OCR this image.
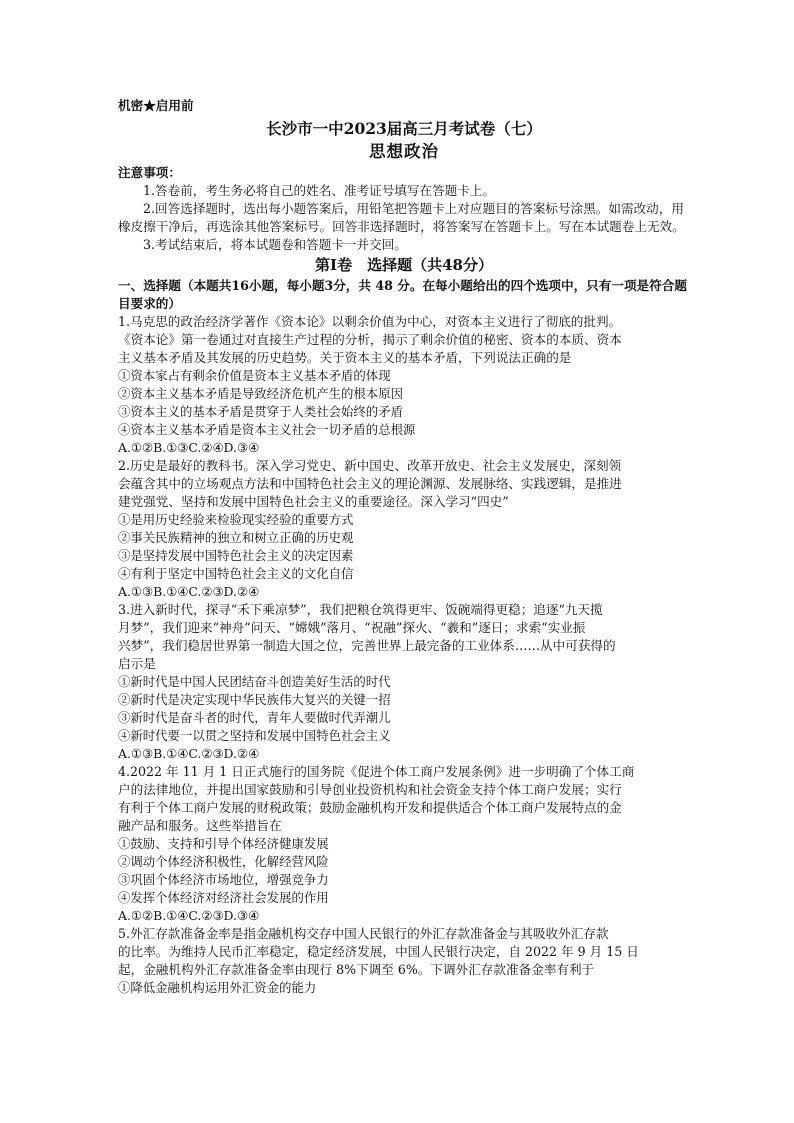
机密★启用前

长沙市一中2023届高三月考试卷（七）
思想政治

注意事项：

1.答卷前，考生务必将自己的姓名、准考证号填写在答题卡上。

2.回答选择题时，选出每小题答案后，用铅笔把答题卡上对应题目的答案标号涂黑。如需改动，用橡皮擦干净后，再选涂其他答案标号。回答非选择题时，将答案写在答题卡上。写在本试题卷上无效。

3.考试结束后，将本试题卷和答题卡一并交回。

第Ⅰ卷　选择题（共48分）

一、选择题（本题共16小题，每小题3分，共 48 分。在每小题给出的四个选项中，只有一项是符合题目要求的）

1.马克思的政治经济学著作《资本论》以剩余价值为中心，对资本主义进行了彻底的批判。

《资本论》第一卷通过对直接生产过程的分析，揭示了剩余价值的秘密、资本的本质、资本

主义基本矛盾及其发展的历史趋势。关于资本主义的基本矛盾，下列说法正确的是

①资本家占有剩余价值是资本主义基本矛盾的体现

②资本主义基本矛盾是导致经济危机产生的根本原因

③资本主义的基本矛盾是贯穿于人类社会始终的矛盾

④资本主义基本矛盾是资本主义社会一切矛盾的总根源

A.①②B.①③C.②④D.③④

2.历史是最好的教科书。深入学习党史、新中国史、改革开放史、社会主义发展史，深刻领

会蕴含其中的立场观点方法和中国特色社会主义的理论渊源、发展脉络、实践逻辑，是推进

建党强党、坚持和发展中国特色社会主义的重要途径。深入学习“四史”

①是用历史经验来检验现实经验的重要方式

②事关民族精神的独立和树立正确的历史观

③是坚持发展中国特色社会主义的决定因素

④有利于坚定中国特色社会主义的文化自信

A.①③B.①④C.②③D.②④

3.进入新时代，探寻“禾下乘凉梦”，我们把粮仓筑得更牢、饭碗端得更稳；追逐“九天揽

月梦”，我们迎来“神舟”问天、“嫦娥”落月、“祝融”探火、“羲和”逐日；求索“实业振

兴梦”，我们稳居世界第一制造大国之位，完善世界上最完备的工业体系……从中可获得的

启示是

①新时代是中国人民团结奋斗创造美好生活的时代

②新时代是决定实现中华民族伟大复兴的关键一招

③新时代是奋斗者的时代，青年人要做时代弄潮儿

④新时代要一以贯之坚持和发展中国特色社会主义

A.①③B.①④C.②③D.②④

4.2022 年 11 月 1 日正式施行的国务院《促进个体工商户发展条例》进一步明确了个体工商

户的法律地位，并提出国家鼓励和引导创业投资机构和社会资金支持个体工商户发展；实行

有利于个体工商户发展的财税政策；鼓励金融机构开发和提供适合个体工商户发展特点的金

融产品和服务。这些举措旨在

①鼓励、支持和引导个体经济健康发展

②调动个体经济积极性，化解经营风险

③巩固个体经济市场地位，增强竞争力

④发挥个体经济对经济社会发展的作用

A.①②B.①④C.②③D.③④

5.外汇存款准备金率是指金融机构交存中国人民银行的外汇存款准备金与其吸收外汇存款

的比率。为维持人民币汇率稳定，稳定经济发展，中国人民银行决定，自 2022 年 9 月 15 日

起，金融机构外汇存款准备金率由现行 8%下调至 6%。下调外汇存款准备金率有利于

①降低金融机构运用外汇资金的能力
